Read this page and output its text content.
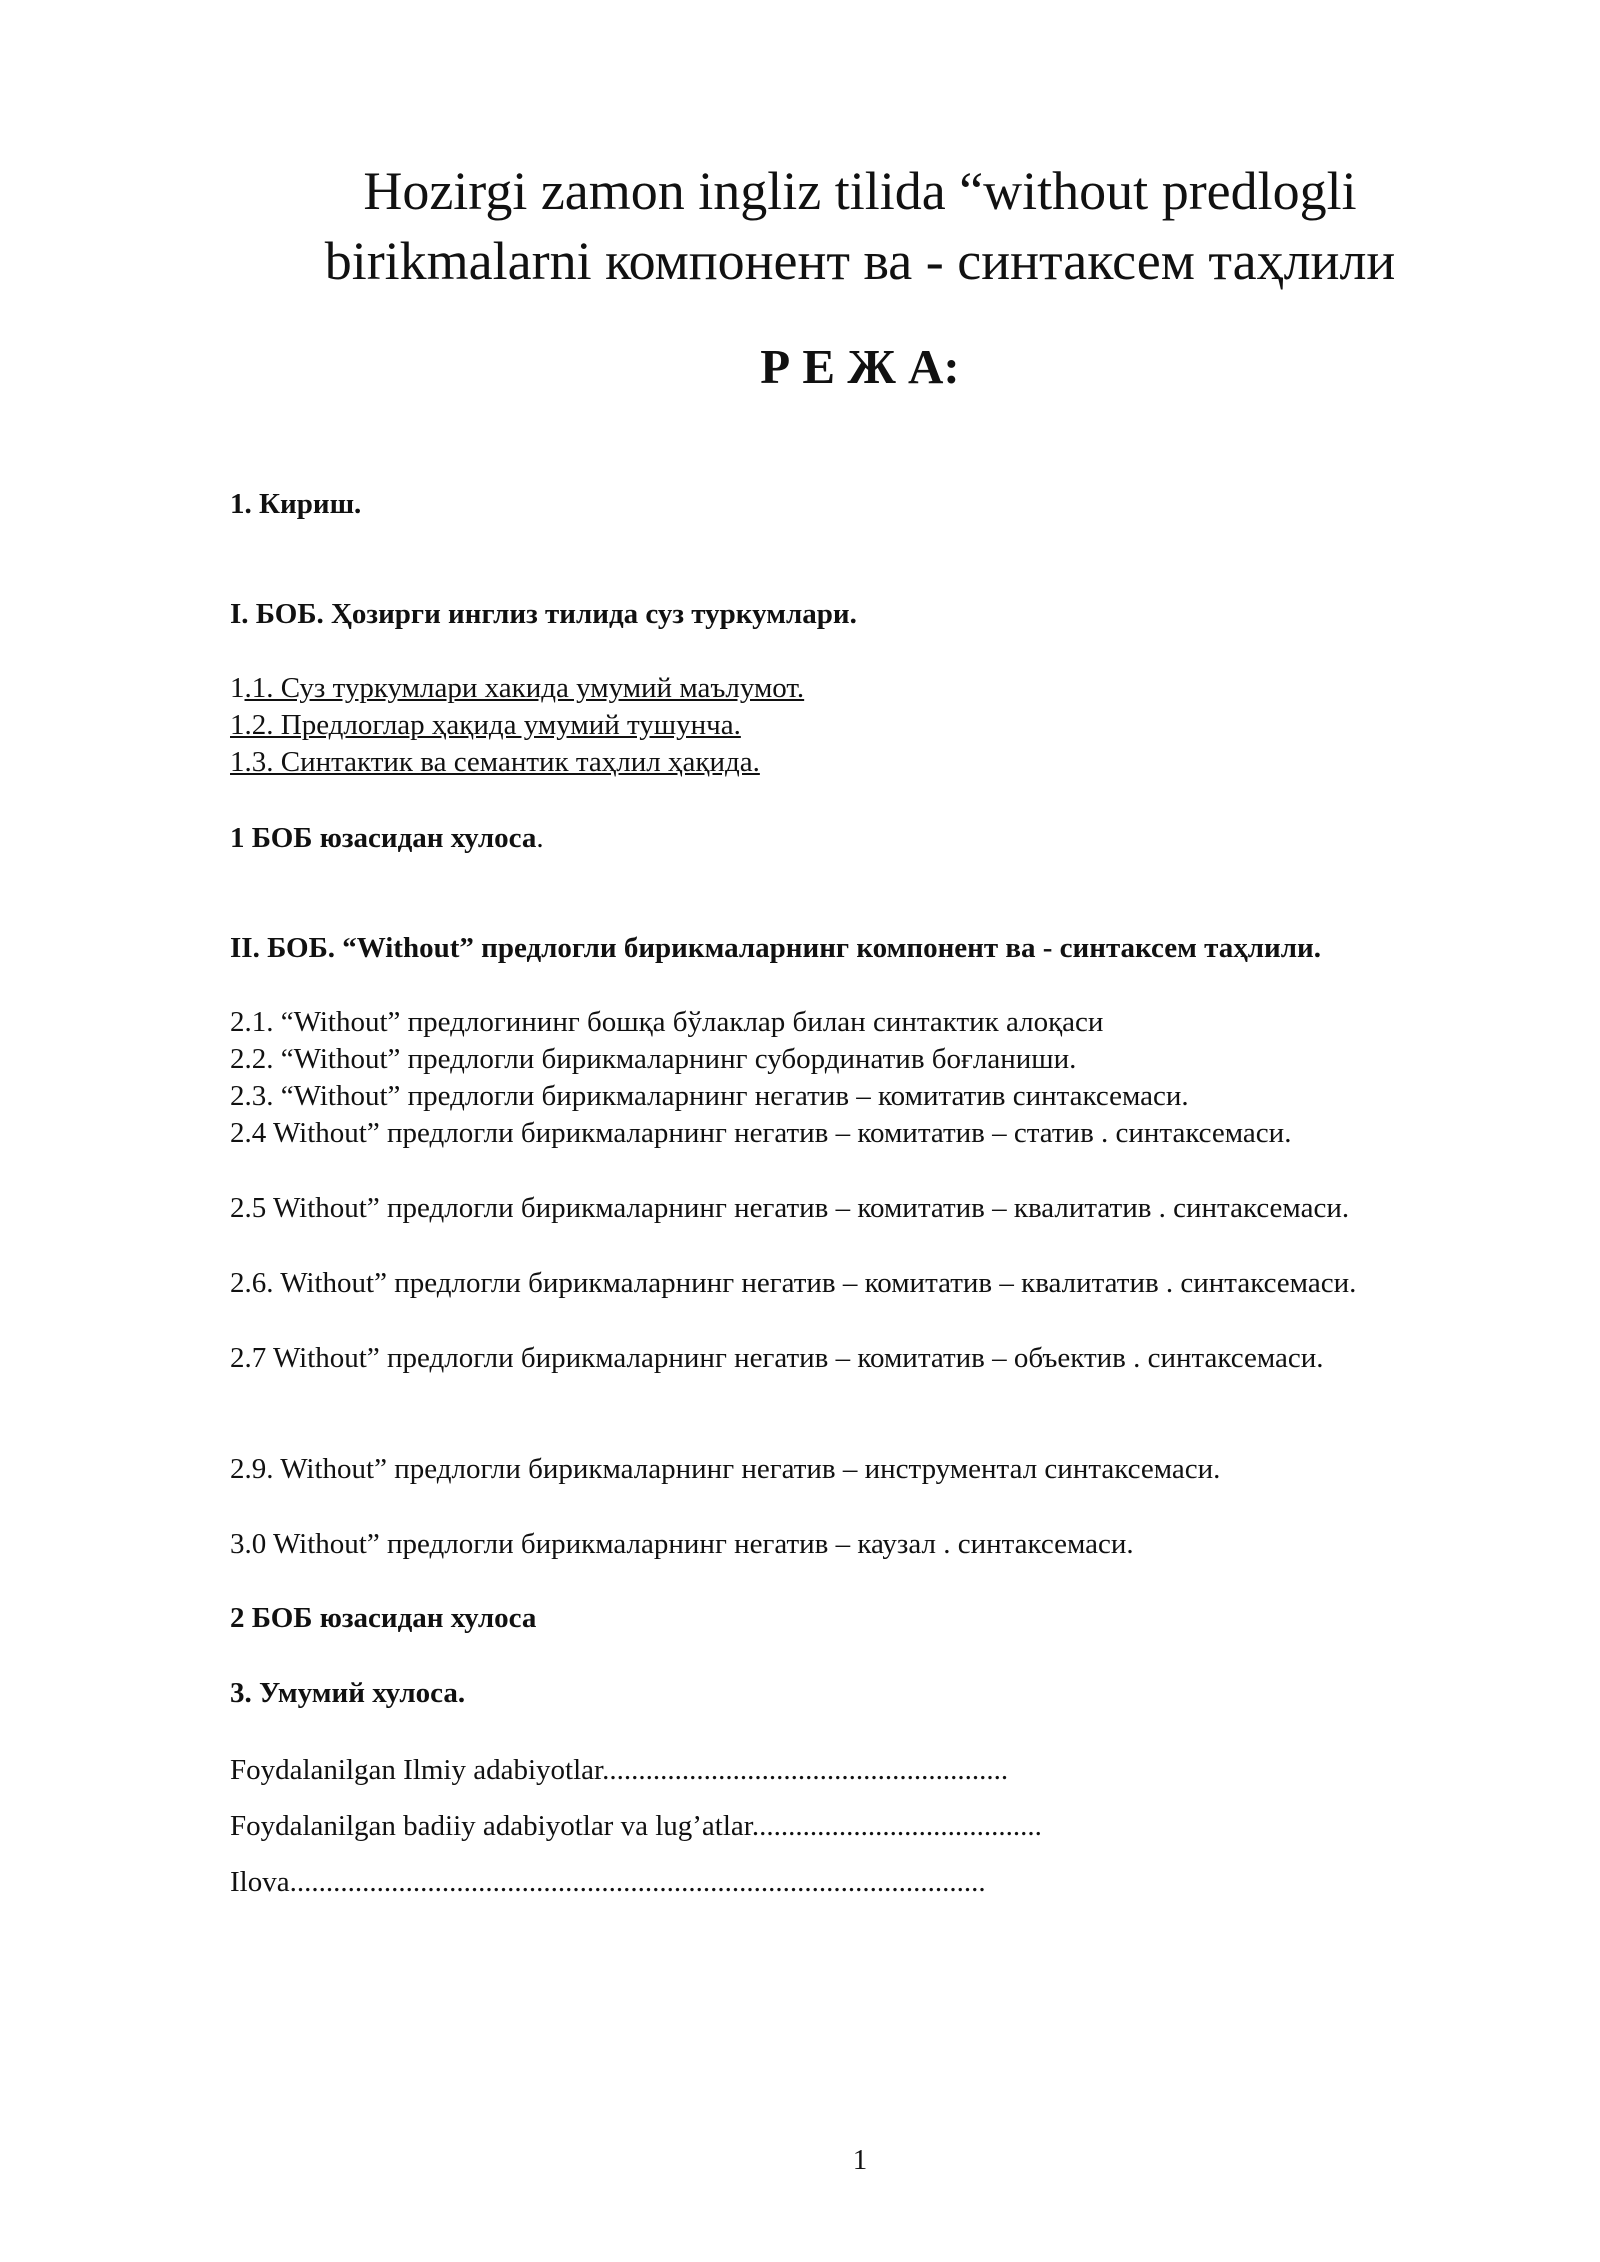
Hozirgi zamon ingliz tilida “without predlogli
birikmalarni компонент ва - синтаксем таҳлили
Р Е Ж А:
1. Кириш.
I. БОБ. Ҳозирги инглиз тилида суз туркумлари.
1.1. Суз туркумлари хакида умумий маълумот.
1.2. Предлоглар ҳақида умумий тушунча.
1.3. Синтактик ва семантик таҳлил ҳақида.
1 БОБ юзасидан хулоса.
II. БОБ. “Without” предлогли бирикмаларнинг компонент ва - синтаксем таҳлили.
2.1. “Without” предлогининг бошқа бўлаклар билан синтактик алоқаси
2.2. “Without” предлогли бирикмаларнинг субординатив боғланиши.
2.3. “Without” предлогли бирикмаларнинг негатив – комитатив синтаксемаси.
2.4 Without” предлогли бирикмаларнинг негатив – комитатив – статив . синтаксемаси.
2.5 Without” предлогли бирикмаларнинг негатив – комитатив – квалитатив . синтаксемаси.
2.6. Without” предлогли бирикмаларнинг негатив – комитатив – квалитатив . синтаксемаси.
2.7 Without” предлогли бирикмаларнинг негатив – комитатив – объектив . синтаксемаси.
2.9. Without” предлогли бирикмаларнинг негатив – инструментал синтаксемаси.
3.0 Without” предлогли бирикмаларнинг негатив – каузал . синтаксемаси.
2 БОБ юзасидан хулоса
3. Умумий хулоса.
Foydalanilgan Ilmiy adabiyotlar........................................................
Foydalanilgan badiiy adabiyotlar va lug’atlar........................................
Ilova................................................................................................
1
